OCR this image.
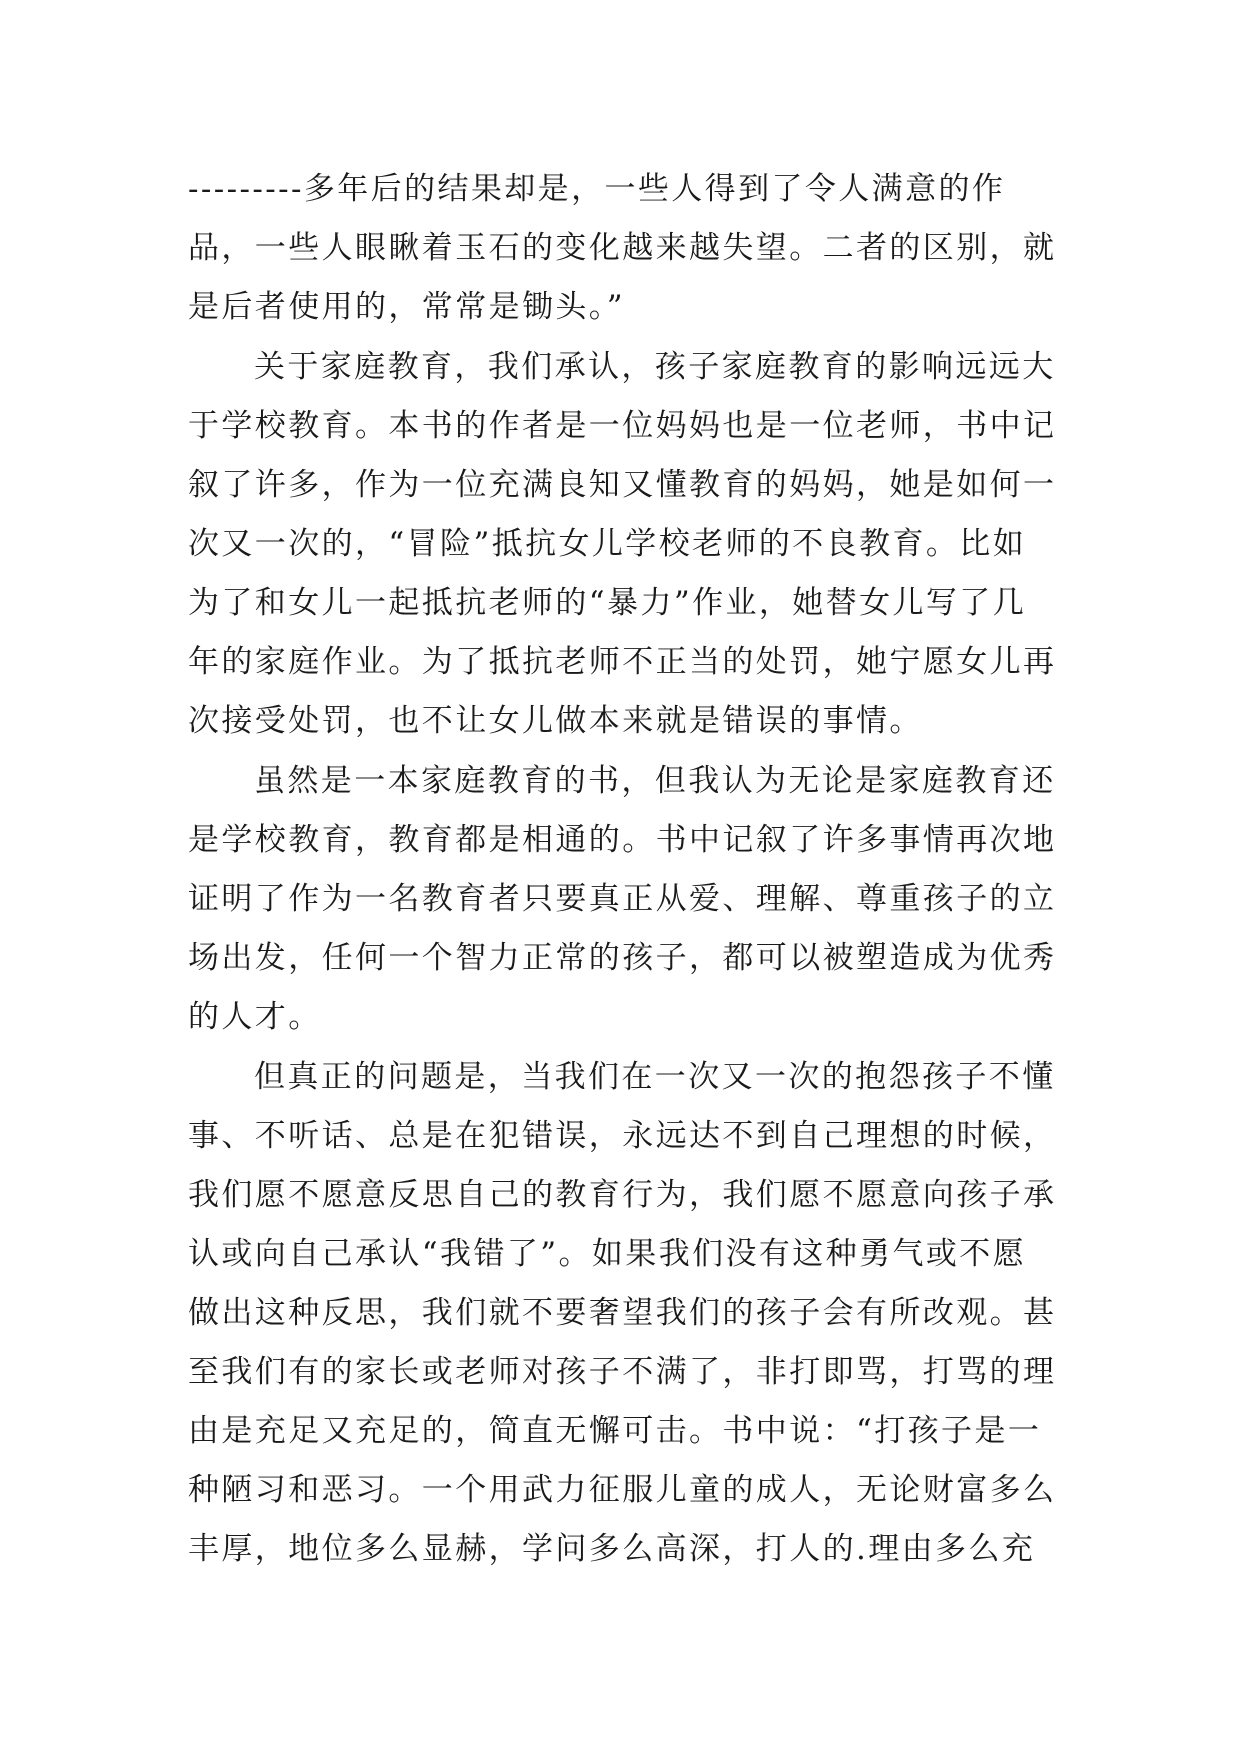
---------多年后的结果却是，一些人得到了令人满意的作
品，一些人眼瞅着玉石的变化越来越失望。二者的区别，就
是后者使用的，常常是锄头。”
关于家庭教育，我们承认，孩子家庭教育的影响远远大
于学校教育。本书的作者是一位妈妈也是一位老师，书中记
叙了许多，作为一位充满良知又懂教育的妈妈，她是如何一
次又一次的，“冒险”抵抗女儿学校老师的不良教育。比如
为了和女儿一起抵抗老师的“暴力”作业，她替女儿写了几
年的家庭作业。为了抵抗老师不正当的处罚，她宁愿女儿再
次接受处罚，也不让女儿做本来就是错误的事情。
虽然是一本家庭教育的书，但我认为无论是家庭教育还
是学校教育，教育都是相通的。书中记叙了许多事情再次地
证明了作为一名教育者只要真正从爱、理解、尊重孩子的立
场出发，任何一个智力正常的孩子，都可以被塑造成为优秀
的人才。
但真正的问题是，当我们在一次又一次的抱怨孩子不懂
事、不听话、总是在犯错误，永远达不到自己理想的时候，
我们愿不愿意反思自己的教育行为，我们愿不愿意向孩子承
认或向自己承认“我错了”。如果我们没有这种勇气或不愿
做出这种反思，我们就不要奢望我们的孩子会有所改观。甚
至我们有的家长或老师对孩子不满了，非打即骂，打骂的理
由是充足又充足的，简直无懈可击。书中说：“打孩子是一
种陋习和恶习。一个用武力征服儿童的成人，无论财富多么
丰厚，地位多么显赫，学问多么高深，打人的.理由多么充
